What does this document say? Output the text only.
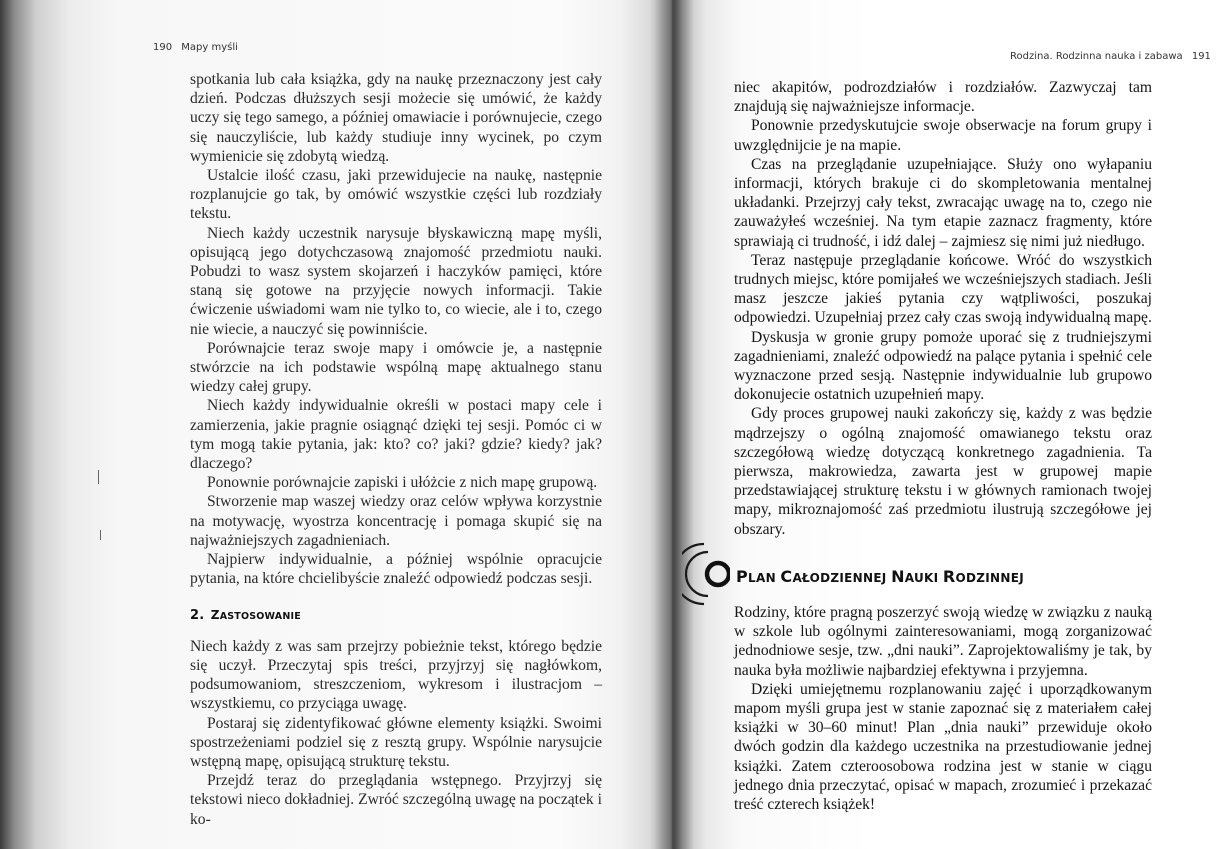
190 Mapy myśli

spotkania lub cała książka, gdy na naukę przeznaczony jest cały dzień. Podczas dłuższych sesji możecie się umówić, że każdy uczy się tego samego, a później omawiacie i porównujecie, czego się nauczyliście, lub każdy studiuje inny wycinek, po czym wymienicie się zdobytą wiedzą.

Ustalcie ilość czasu, jaki przewidujecie na naukę, następnie rozplanujcie go tak, by omówić wszystkie części lub rozdziały tekstu.

Niech każdy uczestnik narysuje błyskawiczną mapę myśli, opisującą jego dotychczasową znajomość przedmiotu nauki. Pobudzi to wasz system skojarzeń i haczyków pamięci, które staną się gotowe na przyjęcie nowych informacji. Takie ćwiczenie uświadomi wam nie tylko to, co wiecie, ale i to, czego nie wiecie, a nauczyć się powinniście.

Porównajcie teraz swoje mapy i omówcie je, a następnie stwórzcie na ich podstawie wspólną mapę aktualnego stanu wiedzy całej grupy.

Niech każdy indywidualnie określi w postaci mapy cele i zamierzenia, jakie pragnie osiągnąć dzięki tej sesji. Pomóc ci w tym mogą takie pytania, jak: kto? co? jaki? gdzie? kiedy? jak? dlaczego?

Ponownie porównajcie zapiski i ułóżcie z nich mapę grupową.

Stworzenie map waszej wiedzy oraz celów wpływa korzystnie na motywację, wyostrza koncentrację i pomaga skupić się na najważniejszych zagadnieniach.

Najpierw indywidualnie, a później wspólnie opracujcie pytania, na które chcielibyście znaleźć odpowiedź podczas sesji.

2. ZASTOSOWANIE

Niech każdy z was sam przejrzy pobieżnie tekst, którego będzie się uczył. Przeczytaj spis treści, przyjrzyj się nagłówkom, podsumowaniom, streszczeniom, wykresom i ilustracjom – wszystkiemu, co przyciąga uwagę.

Postaraj się zidentyfikować główne elementy książki. Swoimi spostrzeżeniami podziel się z resztą grupy. Wspólnie narysujcie wstępną mapę, opisującą strukturę tekstu.

Przejdź teraz do przeglądania wstępnego. Przyjrzyj się tekstowi nieco dokładniej. Zwróć szczególną uwagę na początek i ko-

Rodzina. Rodzinna nauka i zabawa 191

niec akapitów, podrozdziałów i rozdziałów. Zazwyczaj tam znajdują się najważniejsze informacje.

Ponownie przedyskutujcie swoje obserwacje na forum grupy i uwzględnijcie je na mapie.

Czas na przeglądanie uzupełniające. Służy ono wyłapaniu informacji, których brakuje ci do skompletowania mentalnej układanki. Przejrzyj cały tekst, zwracając uwagę na to, czego nie zauważyłeś wcześniej. Na tym etapie zaznacz fragmenty, które sprawiają ci trudność, i idź dalej – zajmiesz się nimi już niedługo.

Teraz następuje przeglądanie końcowe. Wróć do wszystkich trudnych miejsc, które pomijałeś we wcześniejszych stadiach. Jeśli masz jeszcze jakieś pytania czy wątpliwości, poszukaj odpowiedzi. Uzupełniaj przez cały czas swoją indywidualną mapę.

Dyskusja w gronie grupy pomoże uporać się z trudniejszymi zagadnieniami, znaleźć odpowiedź na palące pytania i spełnić cele wyznaczone przed sesją. Następnie indywidualnie lub grupowo dokonujecie ostatnich uzupełnień mapy.

Gdy proces grupowej nauki zakończy się, każdy z was będzie mądrzejszy o ogólną znajomość omawianego tekstu oraz szczegółową wiedzę dotyczącą konkretnego zagadnienia. Ta pierwsza, makrowiedza, zawarta jest w grupowej mapie przedstawiającej strukturę tekstu i w głównych ramionach twojej mapy, mikroznajomość zaś przedmiotu ilustrują szczegółowe jej obszary.

PLAN CAŁODZIENNEJ NAUKI RODZINNEJ

Rodziny, które pragną poszerzyć swoją wiedzę w związku z nauką w szkole lub ogólnymi zainteresowaniami, mogą zorganizować jednodniowe sesje, tzw. „dni nauki”. Zaprojektowaliśmy je tak, by nauka była możliwie najbardziej efektywna i przyjemna.

Dzięki umiejętnemu rozplanowaniu zajęć i uporządkowanym mapom myśli grupa jest w stanie zapoznać się z materiałem całej książki w 30–60 minut! Plan „dnia nauki” przewiduje około dwóch godzin dla każdego uczestnika na przestudiowanie jednej książki. Zatem czteroosobowa rodzina jest w stanie w ciągu jednego dnia przeczytać, opisać w mapach, zrozumieć i przekazać treść czterech książek!
